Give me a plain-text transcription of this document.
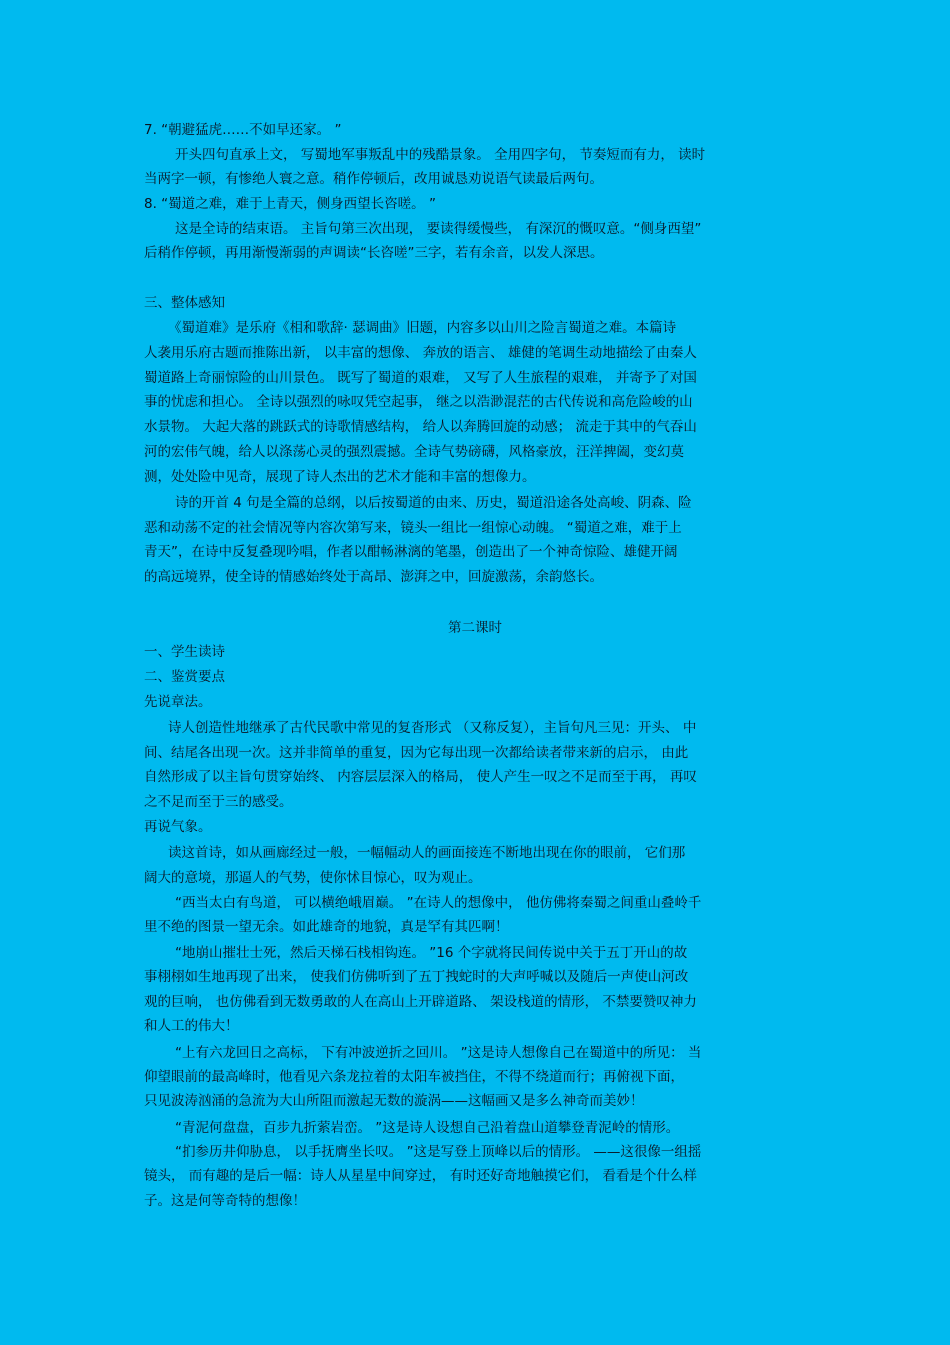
7. “朝避猛虎……不如早还家。 ”
开头四句直承上文， 写蜀地军事叛乱中的残酷景象。 全用四字句， 节奏短而有力， 读时
当两字一顿，有惨绝人寰之意。稍作停顿后，改用诚恳劝说语气读最后两句。
8. “蜀道之难，难于上青天，侧身西望长咨嗟。 ”
这是全诗的结束语。 主旨句第三次出现， 要读得缓慢些， 有深沉的慨叹意。“侧身西望”
后稍作停顿，再用渐慢渐弱的声调读“长咨嗟”三字，若有余音，以发人深思。
三、整体感知
《蜀道难》是乐府《相和歌辞· 瑟调曲》旧题，内容多以山川之险言蜀道之难。本篇诗
人袭用乐府古题而推陈出新， 以丰富的想像、 奔放的语言、 雄健的笔调生动地描绘了由秦人
蜀道路上奇丽惊险的山川景色。 既写了蜀道的艰难， 又写了人生旅程的艰难， 并寄予了对国
事的忧虑和担心。 全诗以强烈的咏叹凭空起事， 继之以浩渺混茫的古代传说和高危险峻的山
水景物。 大起大落的跳跃式的诗歌情感结构， 给人以奔腾回旋的动感； 流走于其中的气吞山
河的宏伟气魄，给人以涤荡心灵的强烈震撼。全诗气势磅礴，风格豪放，汪洋捭阖，变幻莫
测，处处险中见奇，展现了诗人杰出的艺术才能和丰富的想像力。
诗的开首 4 句是全篇的总纲，以后按蜀道的由来、历史，蜀道沿途各处高峻、阴森、险
恶和动荡不定的社会情况等内容次第写来，镜头一组比一组惊心动魄。 “蜀道之难，难于上
青天”，在诗中反复叠现吟唱，作者以酣畅淋漓的笔墨，创造出了一个神奇惊险、雄健开阔
的高远境界，使全诗的情感始终处于高昂、澎湃之中，回旋激荡，余韵悠长。
第二课时
一、学生读诗
二、鉴赏要点
先说章法。
诗人创造性地继承了古代民歌中常见的复沓形式 （又称反复），主旨句凡三见：开头、 中
间、结尾各出现一次。这并非简单的重复，因为它每出现一次都给读者带来新的启示， 由此
自然形成了以主旨句贯穿始终、 内容层层深入的格局， 使人产生一叹之不足而至于再， 再叹
之不足而至于三的感受。
再说气象。
读这首诗，如从画廊经过一般，一幅幅动人的画面接连不断地出现在你的眼前， 它们那
阔大的意境，那逼人的气势，使你怵目惊心，叹为观止。
“西当太白有鸟道， 可以横绝峨眉巅。 ”在诗人的想像中， 他仿佛将秦蜀之间重山叠岭千
里不绝的图景一望无余。如此雄奇的地貌，真是罕有其匹啊！
“地崩山摧壮士死，然后天梯石栈相钩连。 ”16 个字就将民间传说中关于五丁开山的故
事栩栩如生地再现了出来， 使我们仿佛听到了五丁拽蛇时的大声呼喊以及随后一声使山河改
观的巨响， 也仿佛看到无数勇敢的人在高山上开辟道路、 架设栈道的情形， 不禁要赞叹神力
和人工的伟大！
“上有六龙回日之高标， 下有冲波逆折之回川。 ”这是诗人想像自己在蜀道中的所见： 当
仰望眼前的最高峰时，他看见六条龙拉着的太阳车被挡住，不得不绕道而行；再俯视下面，
只见波涛汹涌的急流为大山所阻而激起无数的漩涡——这幅画又是多么神奇而美妙！
“青泥何盘盘，百步九折萦岩峦。 ”这是诗人设想自己沿着盘山道攀登青泥岭的情形。
“扪参历井仰胁息， 以手抚膺坐长叹。 ”这是写登上顶峰以后的情形。 ——这很像一组摇
镜头， 而有趣的是后一幅：诗人从星星中间穿过， 有时还好奇地触摸它们， 看看是个什么样
子。这是何等奇特的想像！
